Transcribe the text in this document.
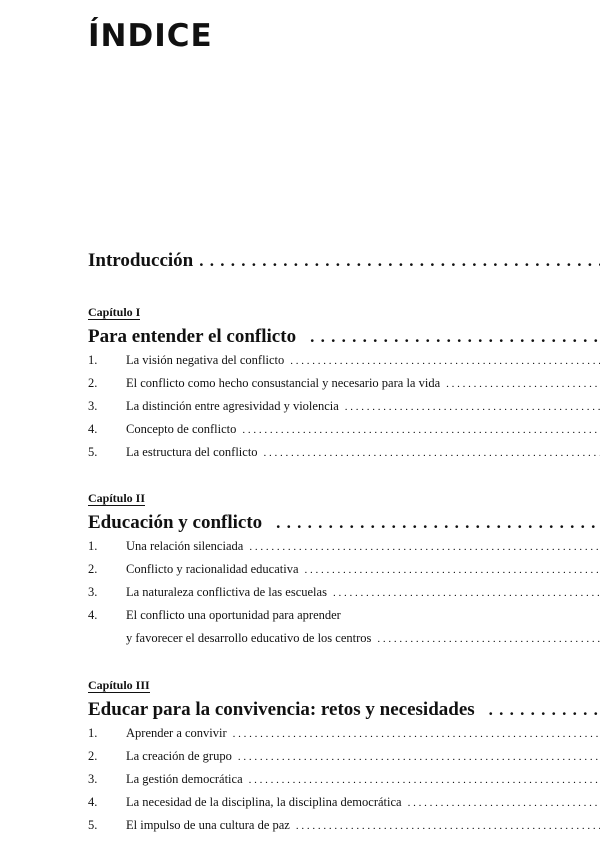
ÍNDICE
Introducción
. . .
Capítulo I
Para entender el conflicto
. . .
1.	La visión negativa del conflicto
. . .
2.	El conflicto como hecho consustancial y necesario para la vida
. . .
3.	La distinción entre agresividad y violencia
. . .
4.	Concepto de conflicto
. . .
5.	La estructura del conflicto
. . .
Capítulo II
Educación y conflicto
. . .
1.	Una relación silenciada
. . .
2.	Conflicto y racionalidad educativa
. . .
3.	La naturaleza conflictiva de las escuelas
. . .
4.	El conflicto una oportunidad para aprender
y favorecer el desarrollo educativo de los centros
. . .
Capítulo III
Educar para la convivencia: retos y necesidades
. . .
1.	Aprender a convivir
. . .
2.	La creación de grupo
. . .
3.	La gestión democrática
. . .
4.	La necesidad de la disciplina, la disciplina democrática
. . .
5.	El impulso de una cultura de paz
. . .
